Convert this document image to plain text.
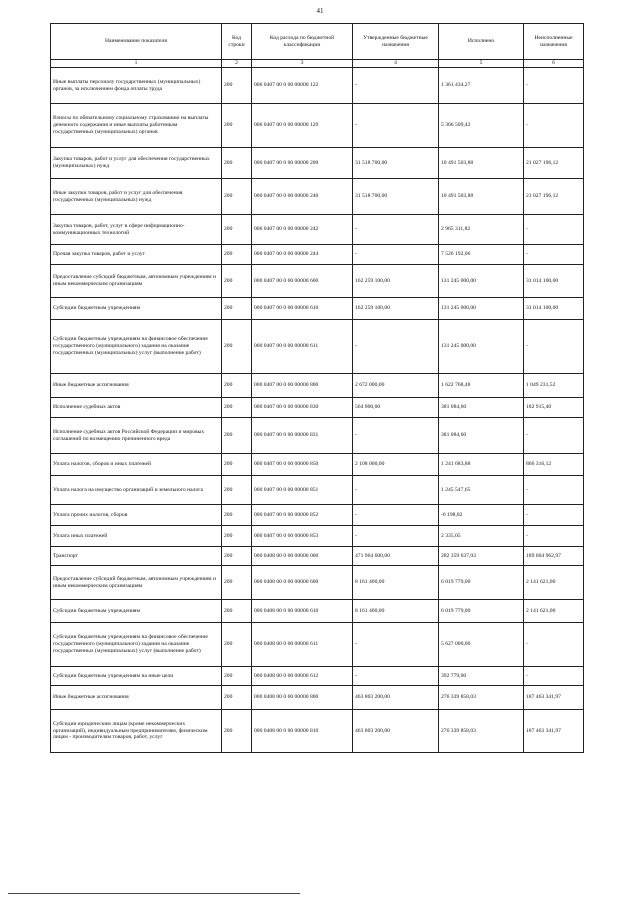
41
Наименование показателя	Код строки	Код расхода по бюджетной классификации	Утвержденные бюджетные назначения	Исполнено	Неисполненные назначения
1	2	3	4	5	6
Иные выплаты персоналу государственных (муниципальных) органов, за исключением фонда оплаты труда	200	000 0407 00 0 00 00000 122	-	1 361 434,27	-
Взносы по обязательному социальному страхованию на выплаты денежного содержания и иные выплаты работникам государственных (муниципальных) органов	200	000 0407 00 0 00 00000 129	-	5 366 509,42	-
Закупка товаров, работ и услуг для обеспечения государственных (муниципальных) нужд	200	000 0407 00 0 00 00000 200	31 518 700,00	10 491 503,88	21 027 196,12
Иные закупки товаров, работ и услуг для обеспечения государственных (муниципальных) нужд	200	000 0407 00 0 00 00000 240	31 518 700,00	10 491 503,88	21 027 196,12
Закупка товаров, работ, услуг в сфере информационно-коммуникационных технологий	200	000 0407 00 0 00 00000 242	-	2 965 311,82	-
Прочая закупка товаров, работ и услуг	200	000 0407 00 0 00 00000 244	-	7 526 192,06	-
Предоставление субсидий бюджетным, автономным учреждениям и иным некоммерческим организациям	200	000 0407 00 0 00 00000 600	162 259 100,00	131 245 000,00	31 014 100,00
Субсидии бюджетным учреждениям	200	000 0407 00 0 00 00000 610	162 259 100,00	131 245 000,00	31 014 100,00
Субсидии бюджетным учреждениям на финансовое обеспечение государственного (муниципального) задания на оказание государственных (муниципальных) услуг (выполнение работ)	200	000 0407 00 0 00 00000 611	-	131 245 000,00	-
Иные бюджетные ассигнования	200	000 0407 00 0 00 00000 800	2 672 000,00	1 622 768,48	1 049 231,52
Исполнение судебных актов	200	000 0407 00 0 00 00000 830	564 000,00	381 084,60	182 915,40
Исполнение судебных актов Российской Федерации и мировых соглашений по возмещению причиненного вреда	200	000 0407 00 0 00 00000 831	-	381 084,60	-
Уплата налогов, сборов и иных платежей	200	000 0407 00 0 00 00000 850	2 108 000,00	1 241 683,88	866 316,12
Уплата налога на имущество организаций и земельного налога	200	000 0407 00 0 00 00000 851	-	1 245 547,65	-
Уплата прочих налогов, сборов	200	000 0407 00 0 00 00000 852	-	-6 198,82	-
Уплата иных платежей	200	000 0407 00 0 00 00000 853	-	2 335,05	-
Транспорт	200	000 0408 00 0 00 00000 000	471 964 600,00	282 359 637,03	189 604 962,97
Предоставление субсидий бюджетным, автономным учреждениям и иным некоммерческим организациям	200	000 0408 00 0 00 00000 600	8 161 400,00	6 019 779,00	2 141 621,00
Субсидии бюджетным учреждениям	200	000 0408 00 0 00 00000 610	8 161 400,00	6 019 779,00	2 141 621,00
Субсидии бюджетным учреждениям на финансовое обеспечение государственного (муниципального) задания на оказание государственных (муниципальных) услуг (выполнение работ)	200	000 0408 00 0 00 00000 611	-	5 627 000,00	-
Субсидии бюджетным учреждениям на иные цели	200	000 0408 00 0 00 00000 612	-	392 779,00	-
Иные бюджетные ассигнования	200	000 0408 00 0 00 00000 800	463 803 200,00	276 339 858,03	187 463 341,97
Субсидии юридическим лицам (кроме некоммерческих организаций), индивидуальным предпринимателям, физическим лицам - производителям товаров, работ, услуг	200	000 0408 00 0 00 00000 810	463 803 200,00	276 339 858,03	187 463 341,97
